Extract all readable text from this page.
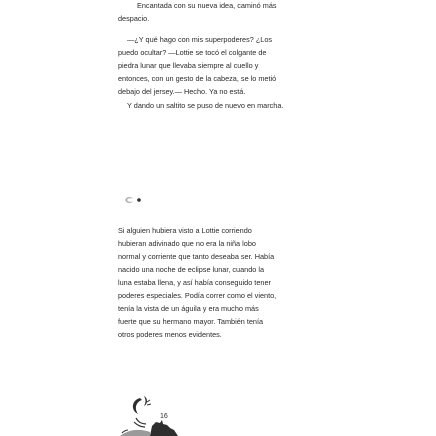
Encantada con su nueva idea, caminó más
despacio.
—¿Y qué hago con mis superpoderes? ¿Los
puedo ocultar? —Lottie se tocó el colgante de
piedra lunar que llevaba siempre al cuello y
entonces, con un gesto de la cabeza, se lo metió
debajo del jersey.— Hecho. Ya no está.
Y dando un saltito se puso de nuevo en marcha.
Si alguien hubiera visto a Lottie corriendo
hubieran adivinado que no era la niña lobo
normal y corriente que tanto deseaba ser. Había
nacido una noche de eclipse lunar, cuando la
luna estaba llena, y así había conseguido tener
poderes especiales. Podía correr como el viento,
tenía la vista de un águila y era mucho más
fuerte que su hermano mayor. También tenía
otros poderes menos evidentes.
16
